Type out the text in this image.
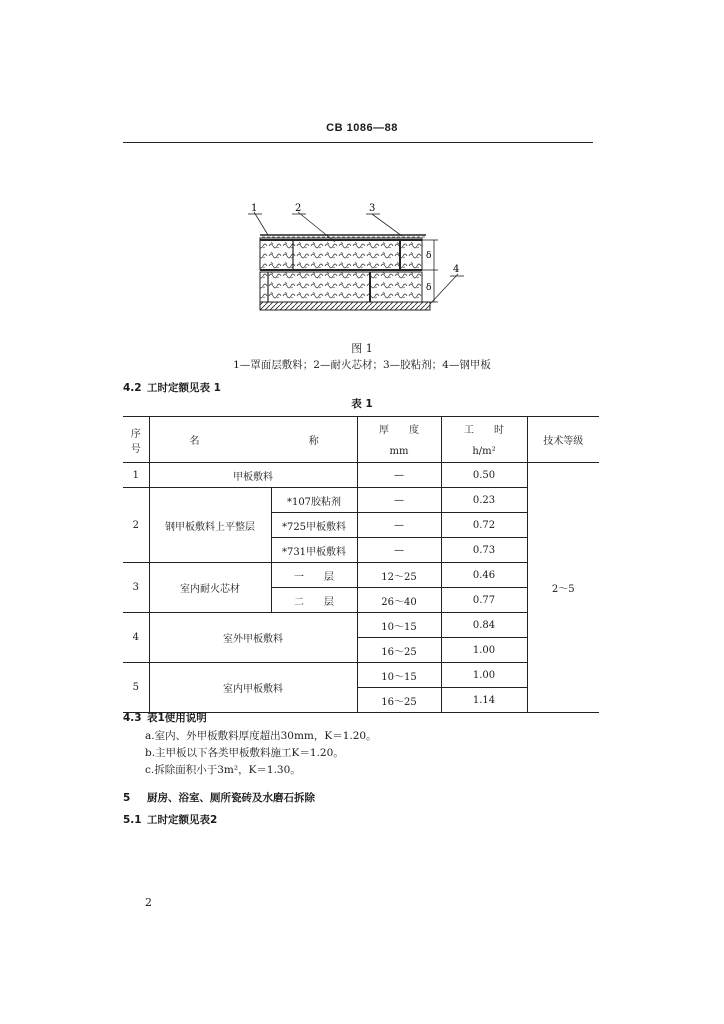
CB 1086—88
δ
δ
1	2	3
4
图 1
1—罩面层敷料；2—耐火芯材；3—胶粘剂；4—钢甲板
4.2 工时定额见表 1
表 1
序号	名	称	厚　　度	工　　时	技术等级
			mm	h/m²	
1	甲板敷料		—	0.50	2～5
2	钢甲板敷料上平整层	*107胶粘剂	—	0.23	
		*725甲板敷料	—	0.72	
		*731甲板敷料	—	0.73	
3	室内耐火芯材	一　　层	12～25	0.46	
		二　　层	26～40	0.77	
4	室外甲板敷料		10～15	0.84	
			16～25	1.00	
5	室内甲板敷料		10～15	1.00	
			16～25	1.14	
4.3 表1使用说明
a.室内、外甲板敷料厚度超出30mm，K＝1.20。
b.主甲板以下各类甲板敷料施工K＝1.20。
c.拆除面积小于3m²，K＝1.30。
5 厨房、浴室、厕所瓷砖及水磨石拆除
5.1 工时定额见表2
2
